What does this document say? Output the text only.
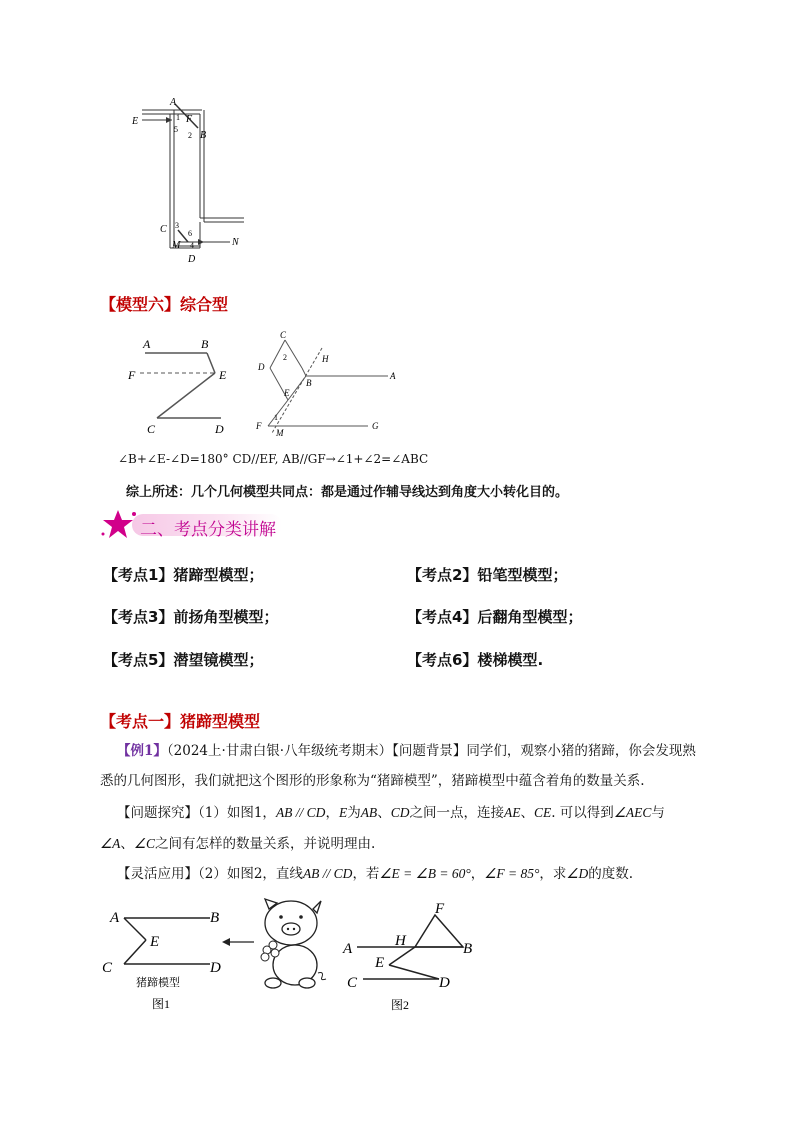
A
F
E	1
5
2 B
C 3
6
M 4	N
D
【模型六】综合型
A	B
F	E
C	D
C
2	H
D
B
A
E
1
F
M
G
∠B+∠E-∠D=180° CD//EF, AB//GF→∠1+∠2=∠ABC
综上所述：几个几何模型共同点：都是通过作辅导线达到角度大小转化目的。
二、考点分类讲解
【考点1】猪蹄型模型；	【考点2】铅笔型模型；
【考点3】前扬角型模型；	【考点4】后翻角型模型；
【考点5】潜望镜模型；	【考点6】楼梯模型.
【考点一】猪蹄型模型
【例1】（2024上·甘肃白银·八年级统考期末）【问题背景】同学们，观察小猪的猪蹄，你会发现熟
悉的几何图形，我们就把这个图形的形象称为“猪蹄模型”，猪蹄模型中蕴含着角的数量关系.
【问题探究】（1）如图1，AB // CD，E为AB、CD之间一点，连接AE、CE. 可以得到∠AEC与
∠A、∠C之间有怎样的数量关系，并说明理由.
【灵活应用】（2）如图2，直线AB // CD，若∠E = ∠B = 60°，∠F = 85°，求∠D的度数.
A	B
E
C	D
猪蹄模型
图1
F
A	H	B
E
C	D
图2
